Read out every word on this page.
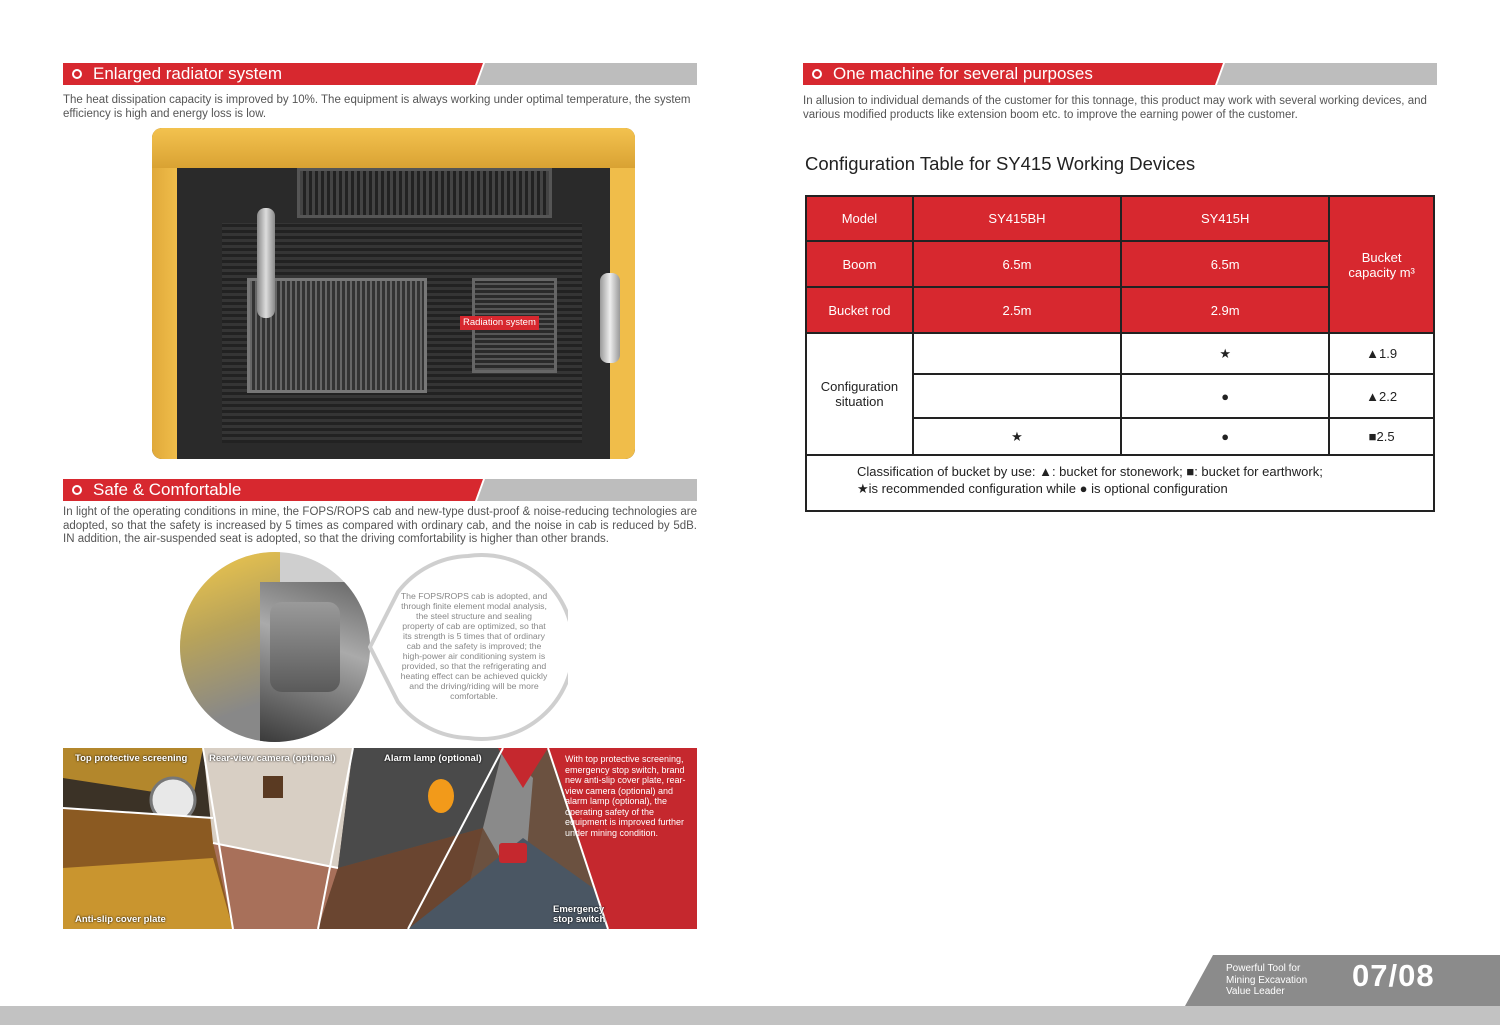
Enlarged radiator system
The heat dissipation capacity is improved by 10%. The equipment is always working under optimal temperature, the system efficiency is high and energy loss is low.
Radiation system
Safe & Comfortable
In light of the operating conditions in mine, the FOPS/ROPS cab and new-type dust-proof & noise-reducing technologies are adopted, so that the safety is increased by 5 times as compared with ordinary cab, and the noise in cab is reduced by 5dB. IN addition, the air-suspended seat is adopted, so that the driving comfortability is higher than other brands.
The FOPS/ROPS cab is adopted, and through finite element modal analysis, the steel structure and sealing property of cab are optimized, so that its strength is 5 times that of ordinary cab and the safety is improved; the high-power air conditioning system is provided, so that the refrigerating and heating effect can be achieved quickly and the driving/riding will be more comfortable.
Top protective screening Rear-view camera (optional)	Alarm lamp (optional)
Anti-slip cover plate
Emergency
stop switch
With top protective screening, emergency stop switch, brand new anti-slip cover plate, rear-view camera (optional) and alarm lamp (optional), the operating safety of the equipment is improved further under mining condition.
One machine for several purposes
In allusion to individual demands of the customer for this tonnage, this product may work with several working devices, and various modified products like extension boom etc. to improve the earning power of the customer.
Configuration Table for SY415 Working Devices
Model	SY415BH	SY415H	Bucket
capacity m³

Boom	6.5m	6.5m	
Bucket rod	2.5m	2.9m	

Configuration
situation		★	▲1.9
		●	▲2.2
	★	●	■2.5
Classification of bucket by use: ▲: bucket for stonework; ■: bucket for earthwork;
★is recommended configuration while ● is optional configuration
Powerful Tool for
Mining Excavation
Value Leader	07/08
